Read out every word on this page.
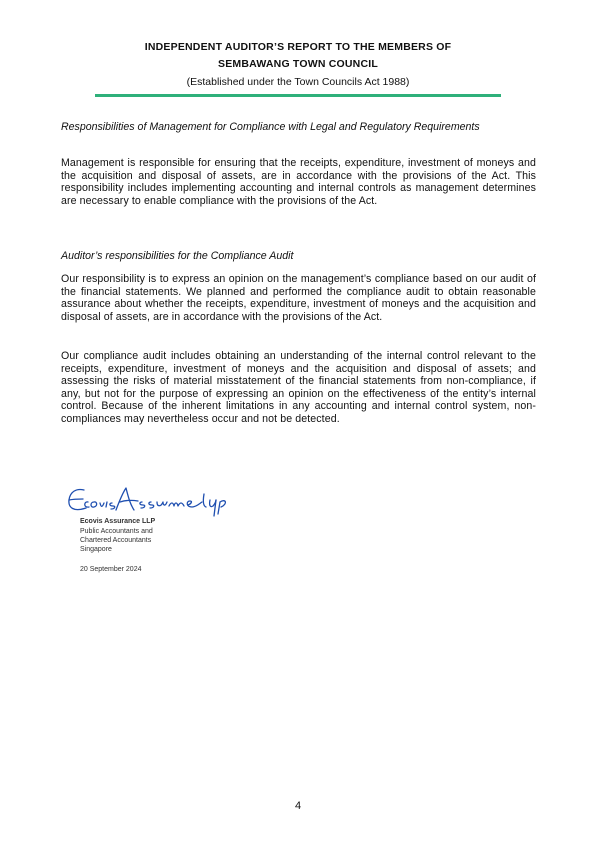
INDEPENDENT AUDITOR’S REPORT TO THE MEMBERS OF
SEMBAWANG TOWN COUNCIL
(Established under the Town Councils Act 1988)
Responsibilities of Management for Compliance with Legal and Regulatory Requirements
Management is responsible for ensuring that the receipts, expenditure, investment of moneys and the acquisition and disposal of assets, are in accordance with the provisions of the Act. This responsibility includes implementing accounting and internal controls as management determines are necessary to enable compliance with the provisions of the Act.
Auditor’s responsibilities for the Compliance Audit
Our responsibility is to express an opinion on the management’s compliance based on our audit of the financial statements. We planned and performed the compliance audit to obtain reasonable assurance about whether the receipts, expenditure, investment of moneys and the acquisition and disposal of assets, are in accordance with the provisions of the Act.
Our compliance audit includes obtaining an understanding of the internal control relevant to the receipts, expenditure, investment of moneys and the acquisition and disposal of assets; and assessing the risks of material misstatement of the financial statements from non-compliance, if any, but not for the purpose of expressing an opinion on the effectiveness of the entity’s internal control. Because of the inherent limitations in any accounting and internal control system, non-compliances may nevertheless occur and not be detected.
Ecovis Assurance LLP
Public Accountants and
Chartered Accountants
Singapore
20 September 2024
4
